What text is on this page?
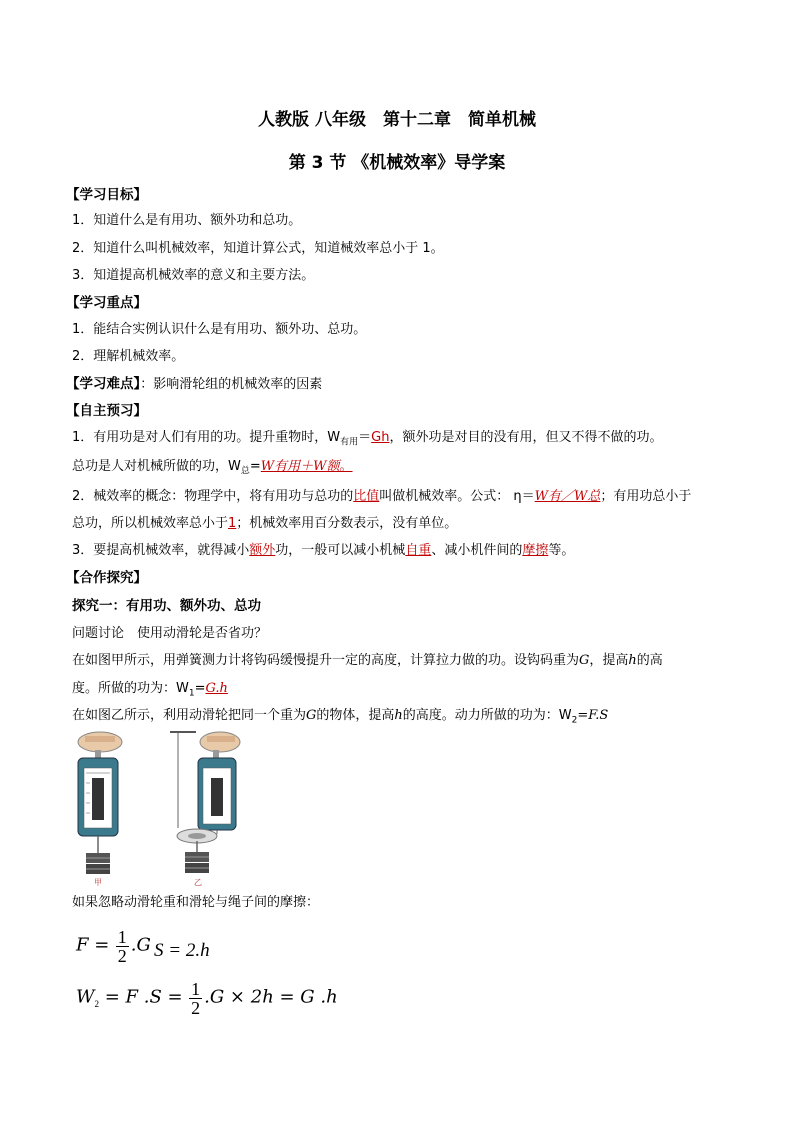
人教版 八年级　第十二章　简单机械
第 3 节 《机械效率》导学案
【学习目标】
1．知道什么是有用功、额外功和总功。
2．知道什么叫机械效率，知道计算公式，知道械效率总小于 1。
3．知道提高机械效率的意义和主要方法。
【学习重点】
1．能结合实例认识什么是有用功、额外功、总功。
2．理解机械效率。
【学习难点】：影响滑轮组的机械效率的因素
【自主预习】
1．有用功是对人们有用的功。提升重物时，$W_{有用}=Gh$，额外功是对目的没有用，但又不得不做的功。
总功是人对机械所做的功，$W_总=W$有用＋W额。
2．械效率的概念：物理学中，将有用功与总功的比值叫做机械效率。公式： η＝W有／W总；有用功总小于
总功，所以机械效率总小于1；机械效率用百分数表示，没有单位。
3．要提高机械效率，就得减小额外功，一般可以减小机械自重、减小机件间的摩擦等。
【合作探究】
探究一：有用功、额外功、总功
问题讨论　使用动滑轮是否省功？
在如图甲所示，用弹簧测力计将钩码缓慢提升一定的高度，计算拉力做的功。设钩码重为G，提高h的高
度。所做的功为：$W_1=G.h$
在如图乙所示，利用动滑轮把同一个重为G的物体，提高h的高度。动力所做的功为：$W_2=F.S$
甲	乙
如果忽略动滑轮重和滑轮与绳子间的摩擦：
$F = \frac{1}{2} .G$ S = 2.h
$W_2 = F$ $.S = \frac{1}{2} .G \times 2h = G$ .h
